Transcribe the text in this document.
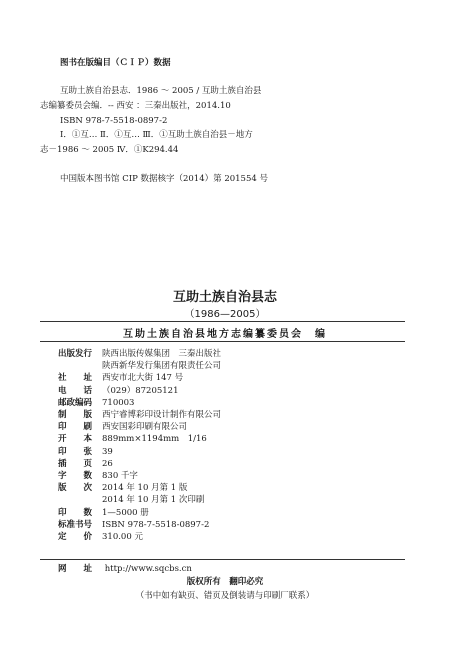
图书在版编目（ＣＩＰ）数据

互助土族自治县志．1986 ～ 2005 / 互助土族自治县

志编纂委员会编．-- 西安 ：三秦出版社，2014.10

ISBN 978-7-5518-0897-2

Ⅰ．①互… Ⅱ．①互… Ⅲ．①互助土族自治县－地方

志－1986 ～ 2005 Ⅳ．①K294.44

中国版本图书馆 CIP 数据核字（2014）第 201554 号

互助土族自治县志
（1986—2005）
互助土族自治县地方志编纂委员会　编
出版发行	陕西出版传媒集团　三秦出版社
	陕西新华发行集团有限责任公司
社　　址	西安市北大街 147 号
电　　话	（029）87205121
邮政编码	710003
制　　版	西宁睿博彩印设计制作有限公司
印　　刷	西安国彩印刷有限公司
开　　本	889mm×1194mm　1/16
印　　张	39
插　　页	26
字　　数	830 千字
版　　次	2014 年 10 月第 1 版
	2014 年 10 月第 1 次印刷
印　　数	1—5000 册
标准书号	ISBN 978-7-5518-0897-2
定　　价	310.00 元
网　　址 http://www.sqcbs.cn
版权所有　翻印必究
（书中如有缺页、错页及倒装请与印刷厂联系）
